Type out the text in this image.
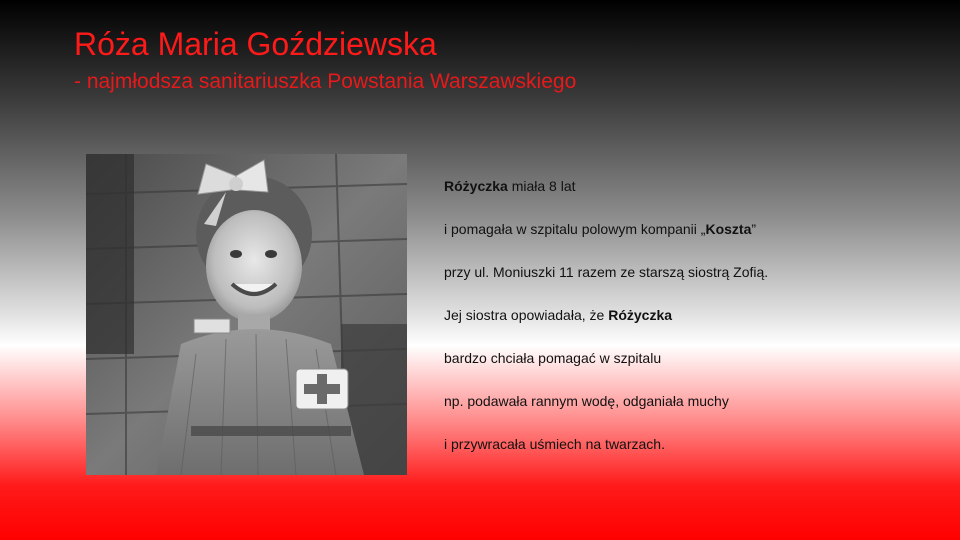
Róża Maria Goździewska
- najmłodsza sanitariuszka Powstania Warszawskiego
Różyczka miała 8 lat
i pomagała w szpitalu polowym kompanii „Koszta”
przy ul. Moniuszki 11 razem ze starszą siostrą Zofią.
Jej siostra opowiadała, że Różyczka
bardzo chciała pomagać w szpitalu
np. podawała rannym wodę, odganiała muchy
i przywracała uśmiech na twarzach.
